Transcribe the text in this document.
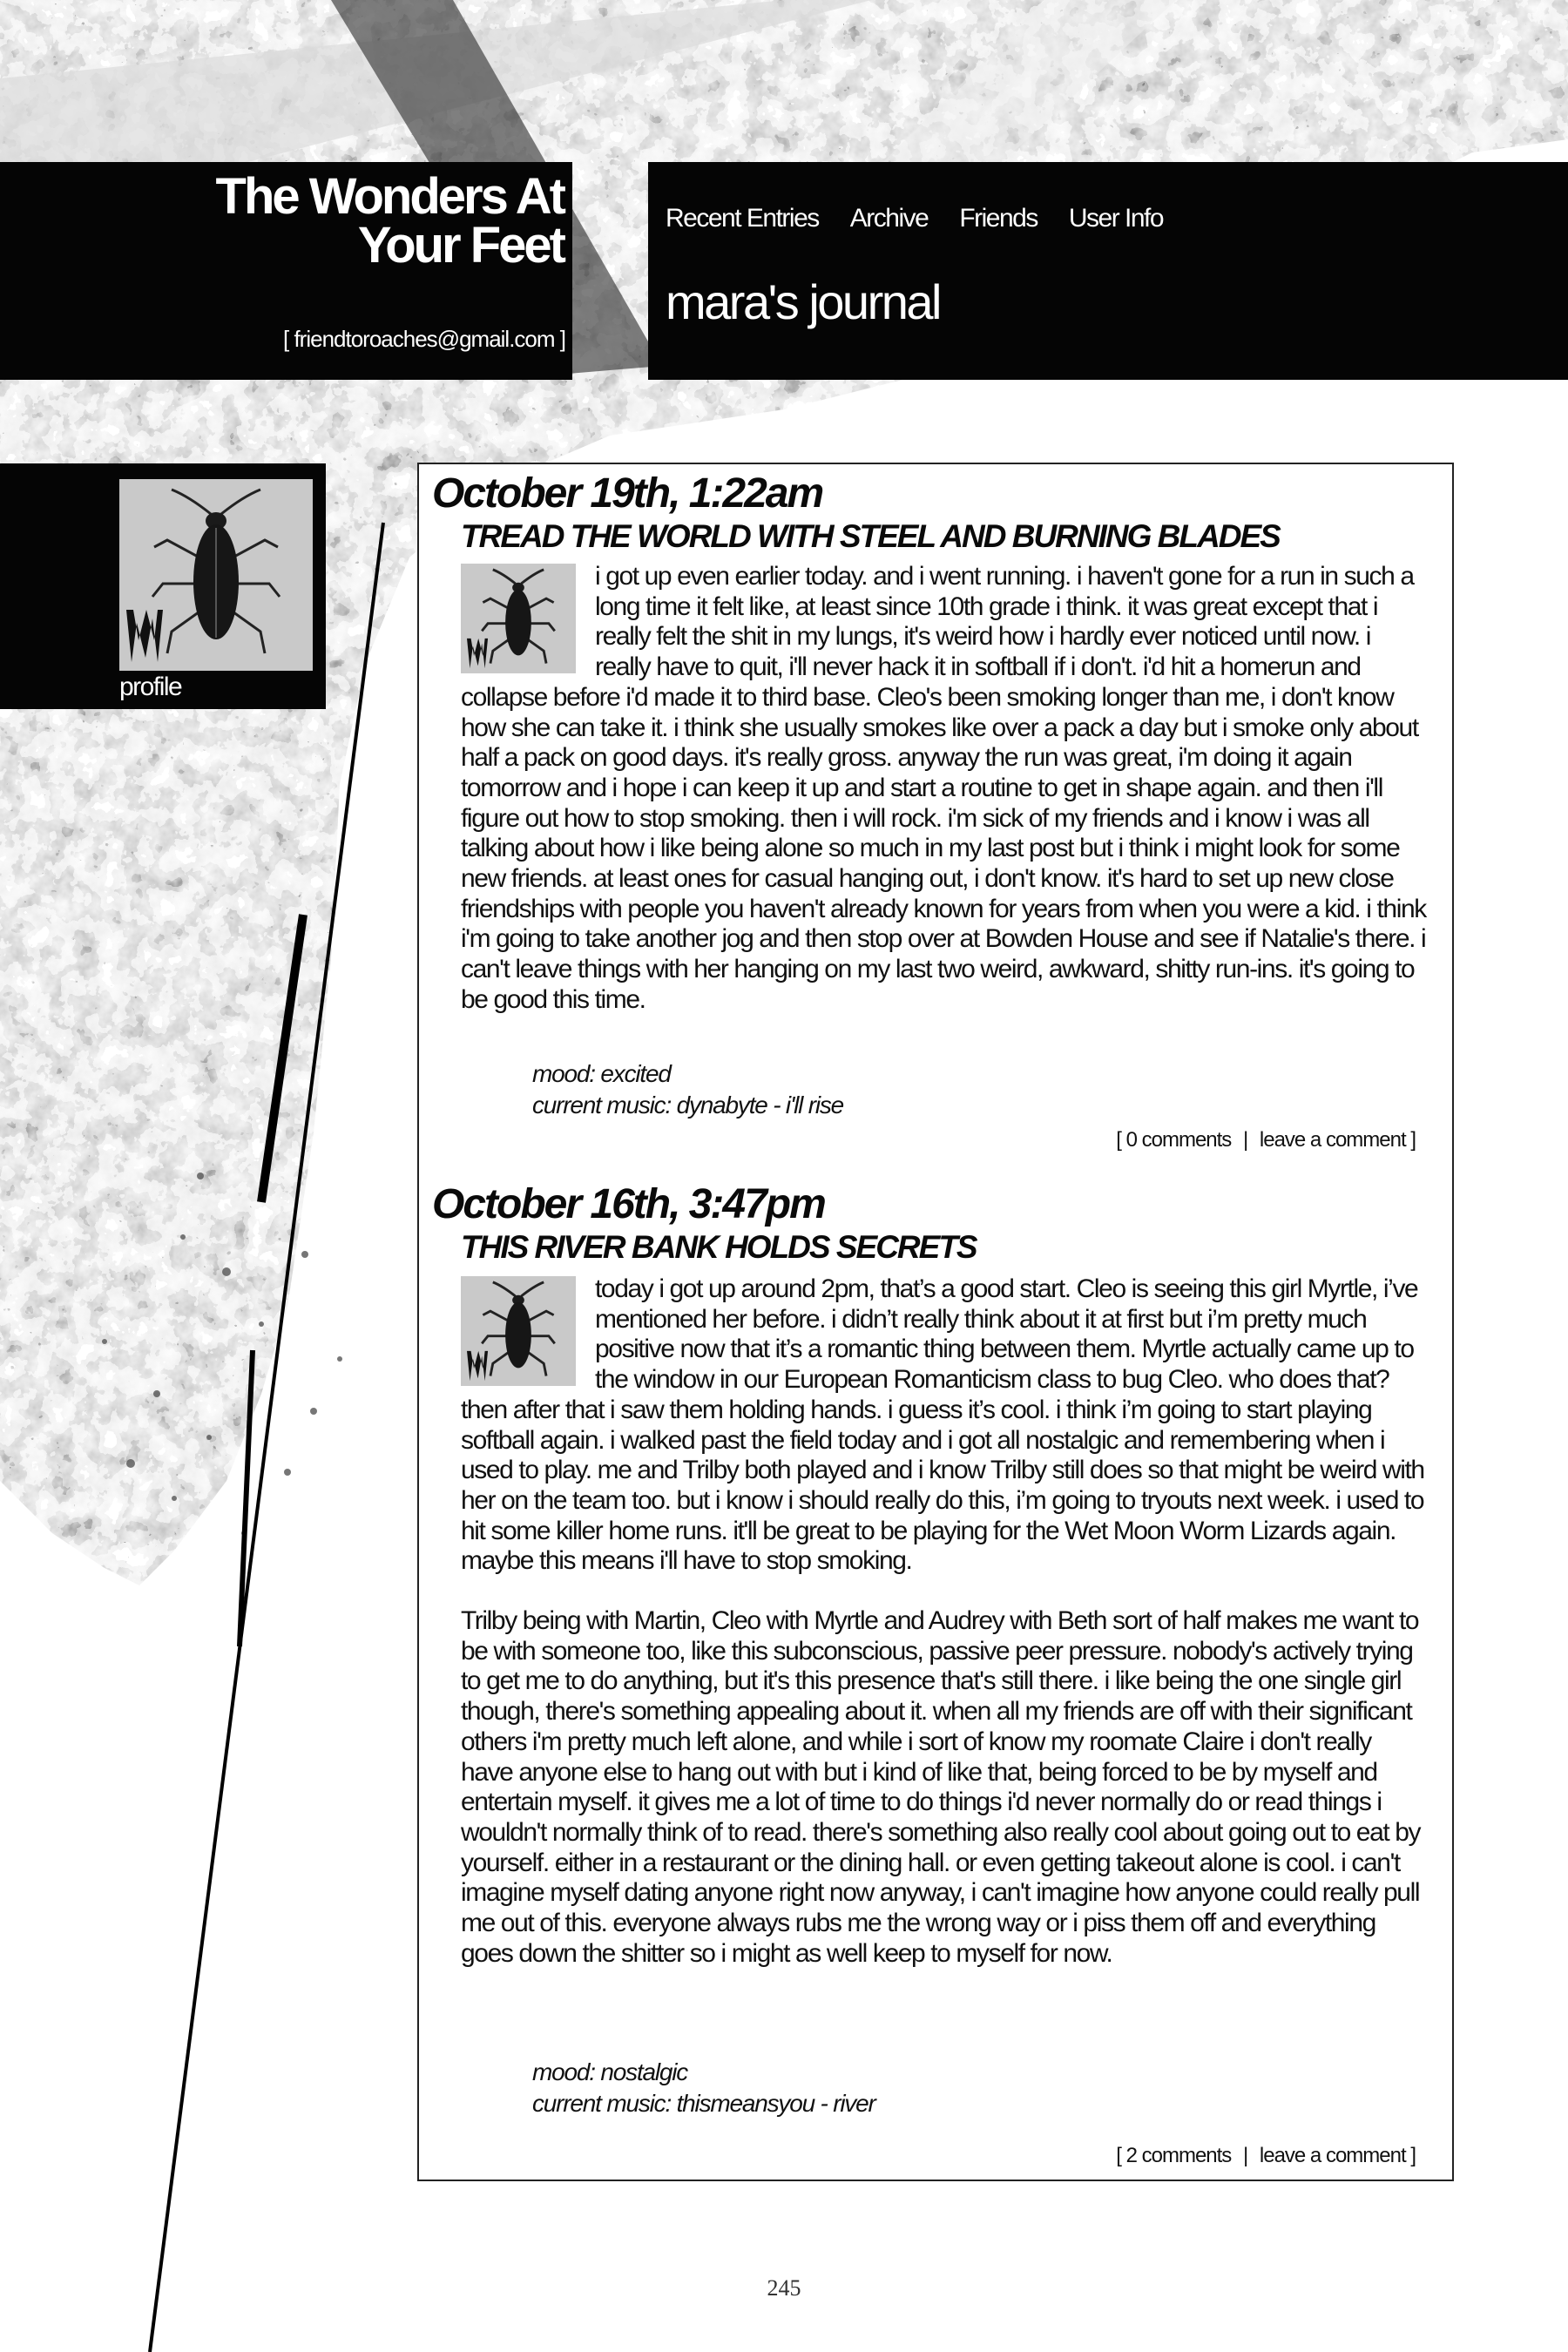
The Wonders At
Your Feet
[ friendtoroaches@gmail.com ]
Recent Entries Archive Friends User Info
mara's journal
profile
October 19th, 1:22am
TREAD THE WORLD WITH STEEL AND BURNING BLADES

i got up even earlier today. and i went running. i haven't gone for a run in such a long time it felt like, at least since 10th grade i think. it was great except that i really felt the shit in my lungs, it's weird how i hardly ever noticed until now. i really have to quit, i'll never hack it in softball if i don't. i'd hit a homerun and collapse before i'd made it to third base. Cleo's been smoking longer than me, i don't know how she can take it. i think she usually smokes like over a pack a day but i smoke only about half a pack on good days. it's really gross. anyway the run was great, i'm doing it again tomorrow and i hope i can keep it up and start a routine to get in shape again. and then i'll figure out how to stop smoking. then i will rock. i'm sick of my friends and i know i was all talking about how i like being alone so much in my last post but i think i might look for some new friends. at least ones for casual hanging out, i don't know. it's hard to set up new close friendships with people you haven't already known for years from when you were a kid. i think i'm going to take another jog and then stop over at Bowden House and see if Natalie's there. i can't leave things with her hanging on my last two weird, awkward, shitty run-ins. it's going to be good this time.

mood: excited
current music: dynabyte - i'll rise
[ 0 comments | leave a comment ]
October 16th, 3:47pm
THIS RIVER BANK HOLDS SECRETS

today i got up around 2pm, that’s a good start. Cleo is seeing this girl Myrtle, i’ve mentioned her before. i didn’t really think about it at first but i’m pretty much positive now that it’s a romantic thing between them. Myrtle actually came up to the window in our European Romanticism class to bug Cleo. who does that? then after that i saw them holding hands. i guess it’s cool. i think i’m going to start playing softball again. i walked past the field today and i got all nostalgic and remembering when i used to play. me and Trilby both played and i know Trilby still does so that might be weird with her on the team too. but i know i should really do this, i’m going to tryouts next week. i used to hit some killer home runs. it'll be great to be playing for the Wet Moon Worm Lizards again. maybe this means i'll have to stop smoking.

Trilby being with Martin, Cleo with Myrtle and Audrey with Beth sort of half makes me want to be with someone too, like this subconscious, passive peer pressure. nobody's actively trying to get me to do anything, but it's this presence that's still there. i like being the one single girl though, there's something appealing about it. when all my friends are off with their significant others i'm pretty much left alone, and while i sort of know my roomate Claire i don't really have anyone else to hang out with but i kind of like that, being forced to be by myself and entertain myself. it gives me a lot of time to do things i'd never normally do or read things i wouldn't normally think of to read. there's something also really cool about going out to eat by yourself. either in a restaurant or the dining hall. or even getting takeout alone is cool. i can't imagine myself dating anyone right now anyway, i can't imagine how anyone could really pull me out of this. everyone always rubs me the wrong way or i piss them off and everything goes down the shitter so i might as well keep to myself for now.

mood: nostalgic
current music: thismeansyou - river
[ 2 comments | leave a comment ]
245
